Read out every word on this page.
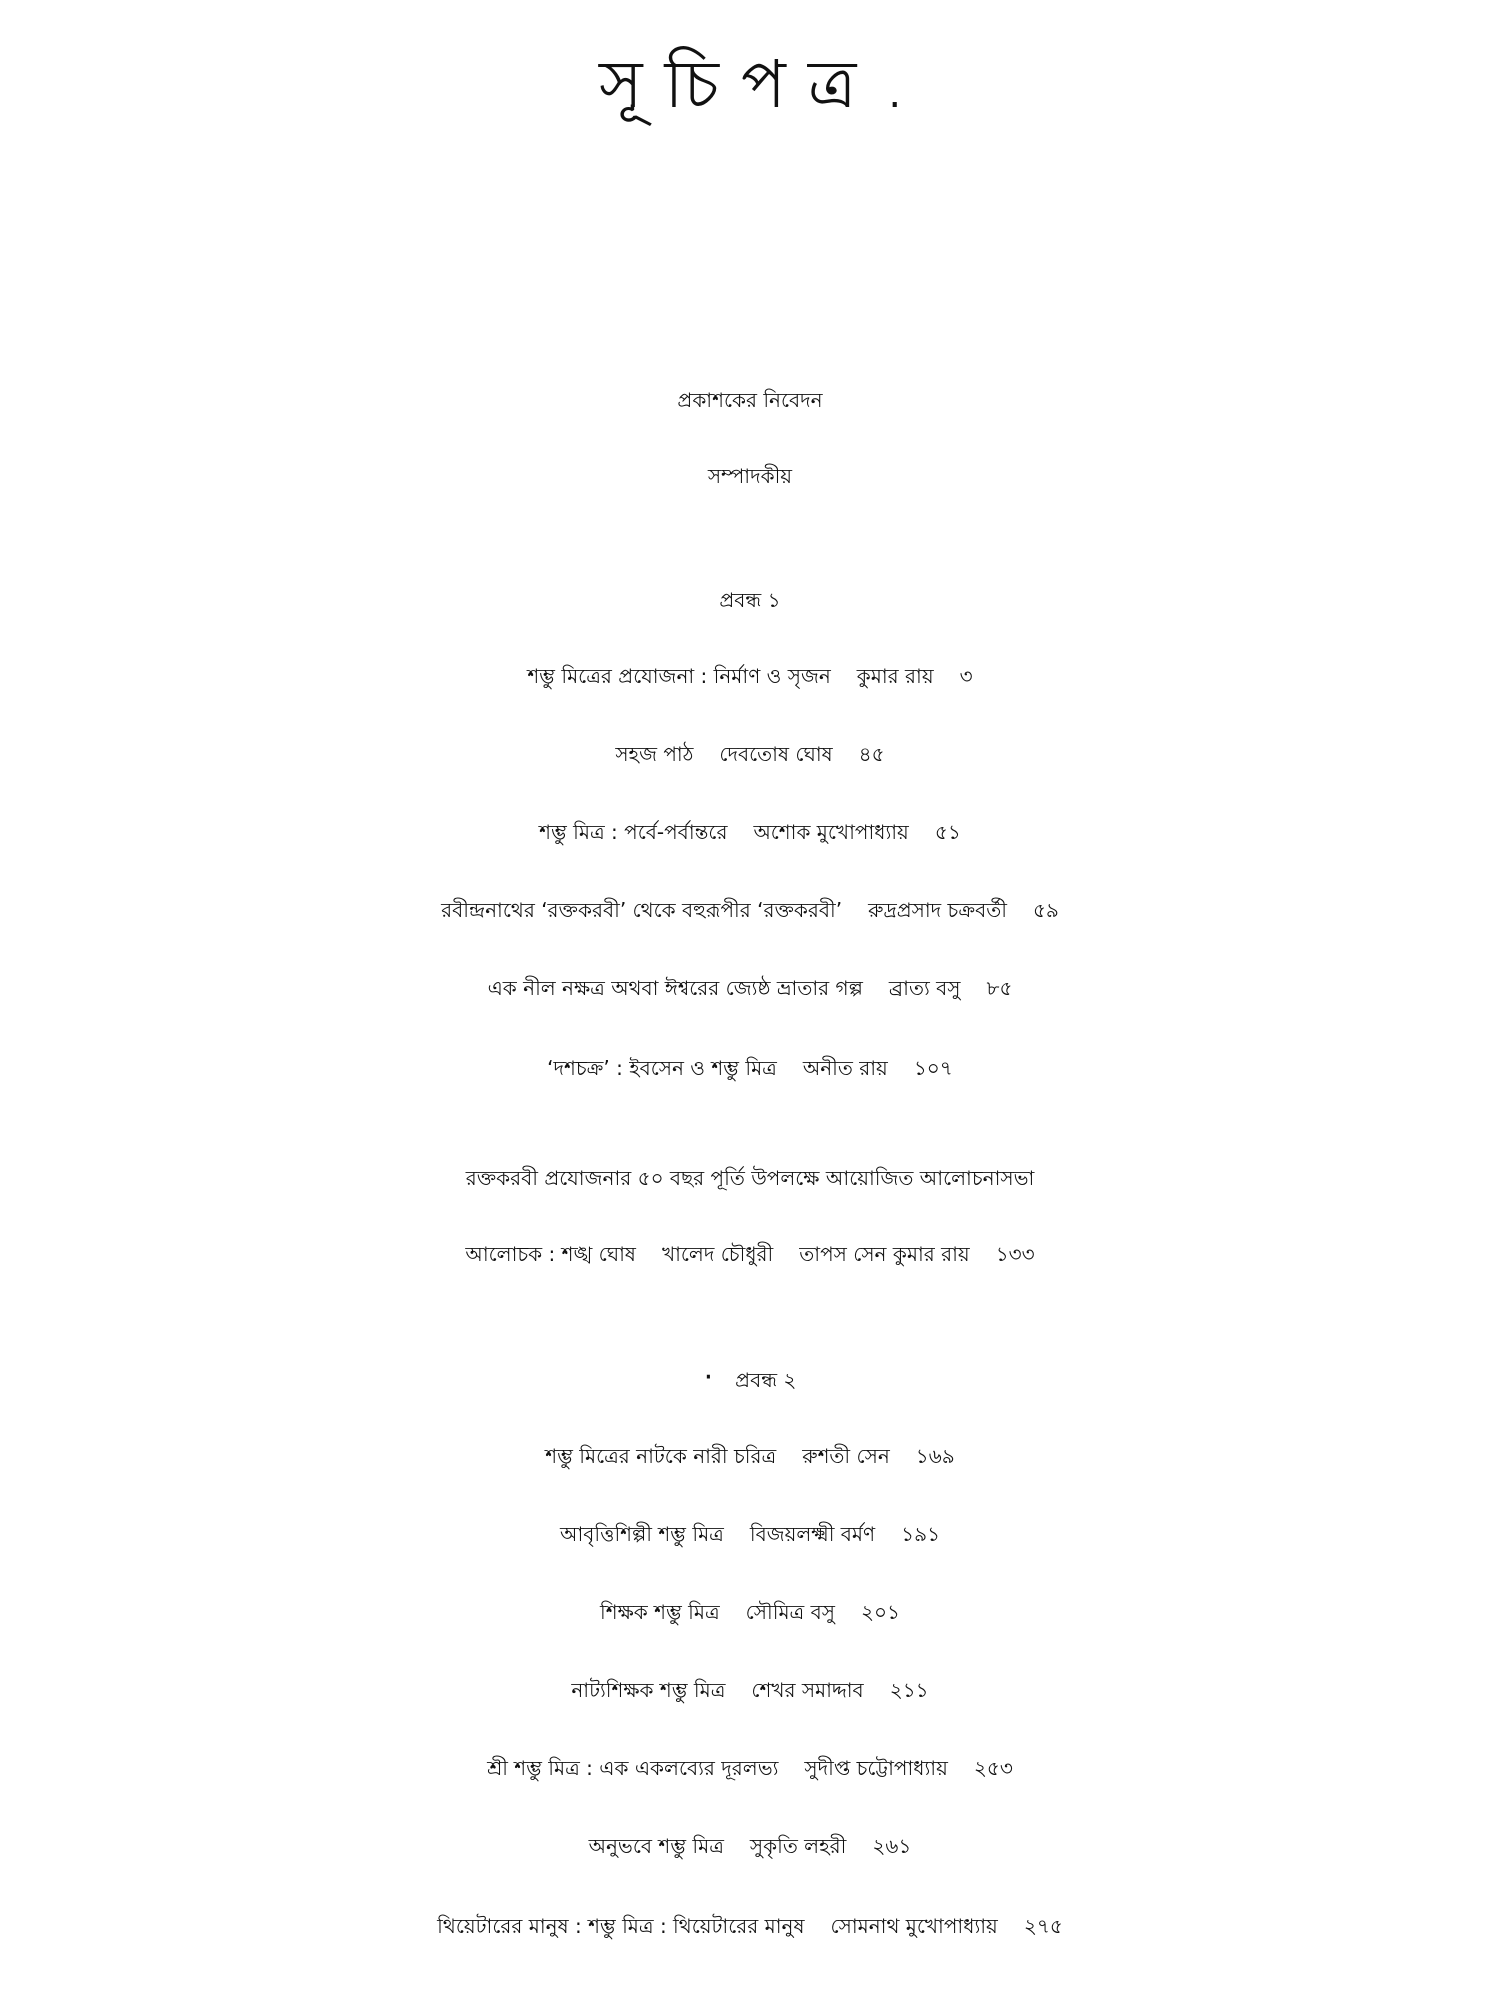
সূচিপত্র .
প্রকাশকের নিবেদন
সম্পাদকীয়
প্রবন্ধ ১
শম্ভু মিত্রের প্রযোজনা : নির্মাণ ও সৃজন কুমার রায় ৩
সহজ পাঠ দেবতোষ ঘোষ ৪৫
শম্ভু মিত্র : পর্বে-পর্বান্তরে অশোক মুখোপাধ্যায় ৫১
রবীন্দ্রনাথের ‘রক্তকরবী’ থেকে বহুরূপীর ‘রক্তকরবী’ রুদ্রপ্রসাদ চক্রবর্তী ৫৯
এক নীল নক্ষত্র অথবা ঈশ্বরের জ্যেষ্ঠ ভ্রাতার গল্প ব্রাত্য বসু ৮৫
‘দশচক্র’ : ইবসেন ও শম্ভু মিত্র অনীত রায় ১০৭
রক্তকরবী প্রযোজনার ৫০ বছর পূর্তি উপলক্ষে আয়োজিত আলোচনাসভা
আলোচক : শঙ্খ ঘোষ খালেদ চৌধুরী তাপস সেন কুমার রায় ১৩৩
· প্রবন্ধ ২
শম্ভু মিত্রের নাটকে নারী চরিত্র রুশতী সেন ১৬৯
আবৃত্তিশিল্পী শম্ভু মিত্র বিজয়লক্ষ্মী বর্মণ ১৯১
শিক্ষক শম্ভু মিত্র সৌমিত্র বসু ২০১
নাট্যশিক্ষক শম্ভু মিত্র শেখর সমাদ্দাব ২১১
শ্রী শম্ভু মিত্র : এক একলব্যের দূরলভ্য সুদীপ্ত চট্টোপাধ্যায় ২৫৩
অনুভবে শম্ভু মিত্র সুকৃতি লহরী ২৬১
থিয়েটারের মানুষ : শম্ভু মিত্র : থিয়েটারের মানুষ সোমনাথ মুখোপাধ্যায় ২৭৫
